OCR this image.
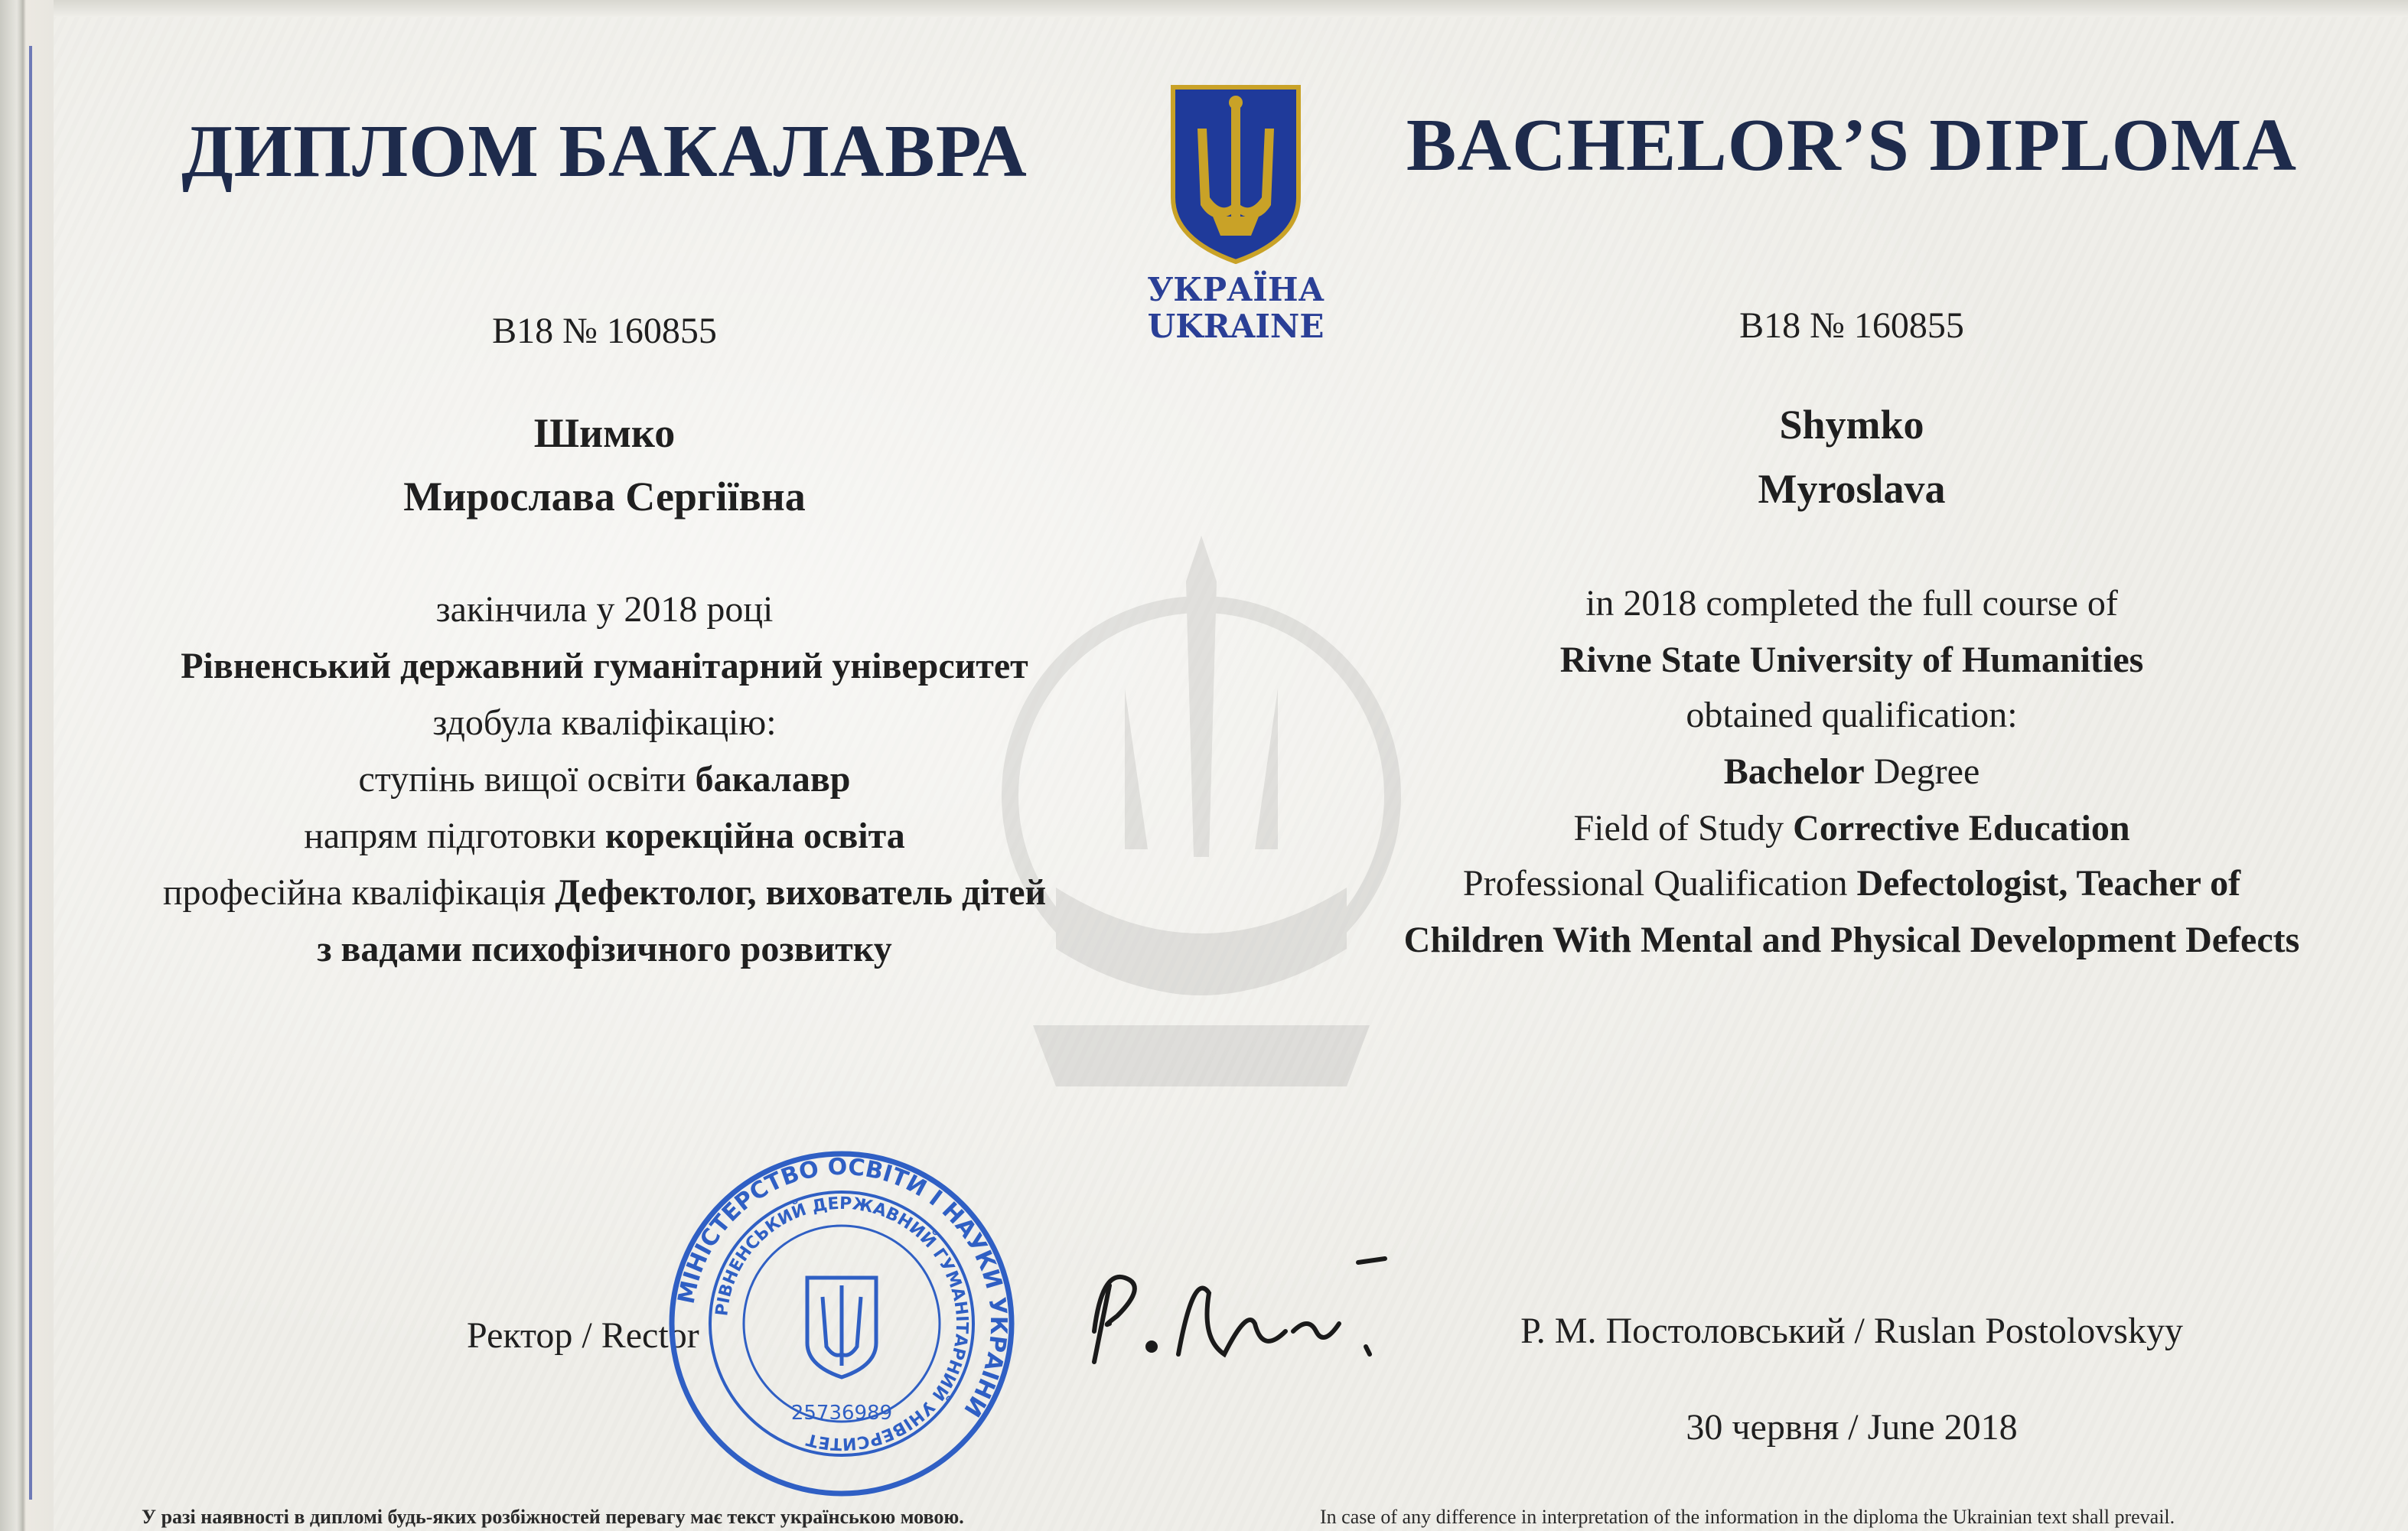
ДИПЛОМ БАКАЛАВРА
В18 № 160855
Шимко
Мирослава Сергіївна
закінчила у 2018 році
Рівненський державний гуманітарний університет
здобула кваліфікацію:
ступінь вищої освіти бакалавр
напрям підготовки корекційна освіта
професійна кваліфікація Дефектолог, вихователь дітей
з вадами психофізичного розвитку
Ректор / Rector
УКРАЇНА
UKRAINE
BACHELOR’S DIPLOMA
В18 № 160855
Shymko
Myroslava
in 2018 completed the full course of
Rivne State University of Humanities
obtained qualification:
Bachelor Degree
Field of Study Corrective Education
Professional Qualification Defectologist, Teacher of
Children With Mental and Physical Development Defects
Р. М. Постоловський / Ruslan Postolovskyy
30 червня / June 2018
МІНІСТЕРСТВО ОСВІТИ І НАУКИ УКРАЇНИ
РІВНЕНСЬКИЙ ДЕРЖАВНИЙ ГУМАНІТАРНИЙ УНІВЕРСИТЕТ
25736989
У разі наявності в дипломі будь-яких розбіжностей перевагу має текст українською мовою.	In case of any difference in interpretation of the information in the diploma the Ukrainian text shall prevail.
